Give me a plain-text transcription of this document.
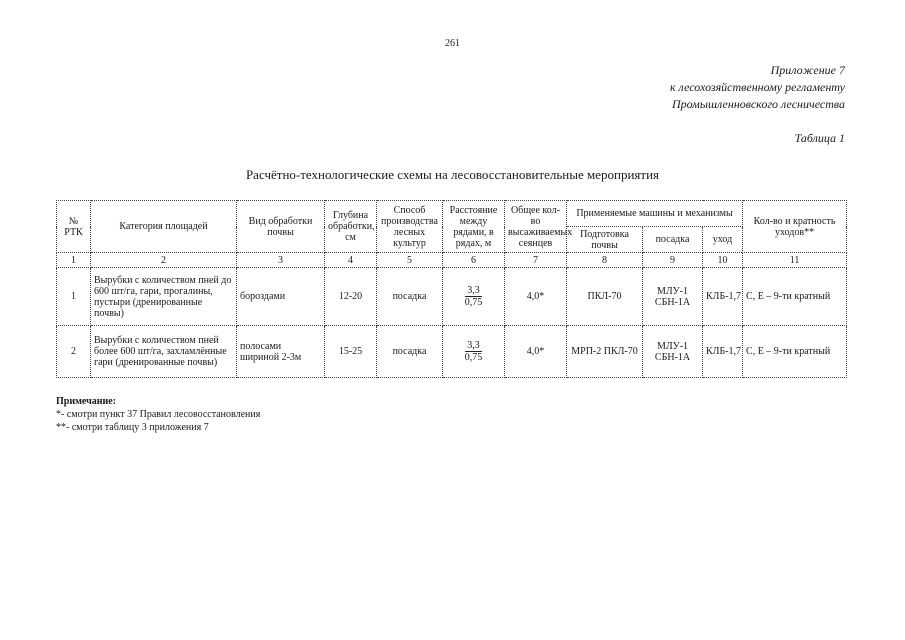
261
Приложение 7
к лесохозяйственному регламенту
Промышленновского лесничества
Таблица 1
Расчётно-технологические схемы на лесовосстановительные мероприятия
№ РТК	Категория площадей	Вид обработки почвы	Глубина обработки, см	Способ производства лесных культур	Расстояние между рядами, в рядах, м	Общее кол-во высаживаемых сеянцев	Применяемые машины и механизмы			Кол-во и кратность уходов**
							Подготовка почвы	посадка	уход	
1	2	3	4	5	6	7	8	9	10	11
1	Вырубки с количеством пней до 600 шт/га, гари, прогалины, пустыри (дренированные почвы)	бороздами	12-20	посадка	$\frac{3,3}{0,75}$	4,0*	ПКЛ-70	МЛУ-1 СБН-1А	КЛБ-1,7	С, Е – 9-ти кратный
2	Вырубки с количеством пней более 600 шт/га, захламлённые гари (дренированные почвы)	полосами шириной 2-3м	15-25	посадка	$\frac{3,3}{0,75}$	4,0*	МРП-2 ПКЛ-70	МЛУ-1 СБН-1А	КЛБ-1,7	С, Е – 9-ти кратный
Примечание:
*- смотри пункт 37 Правил лесовосстановления
**- смотри таблицу 3 приложения 7
